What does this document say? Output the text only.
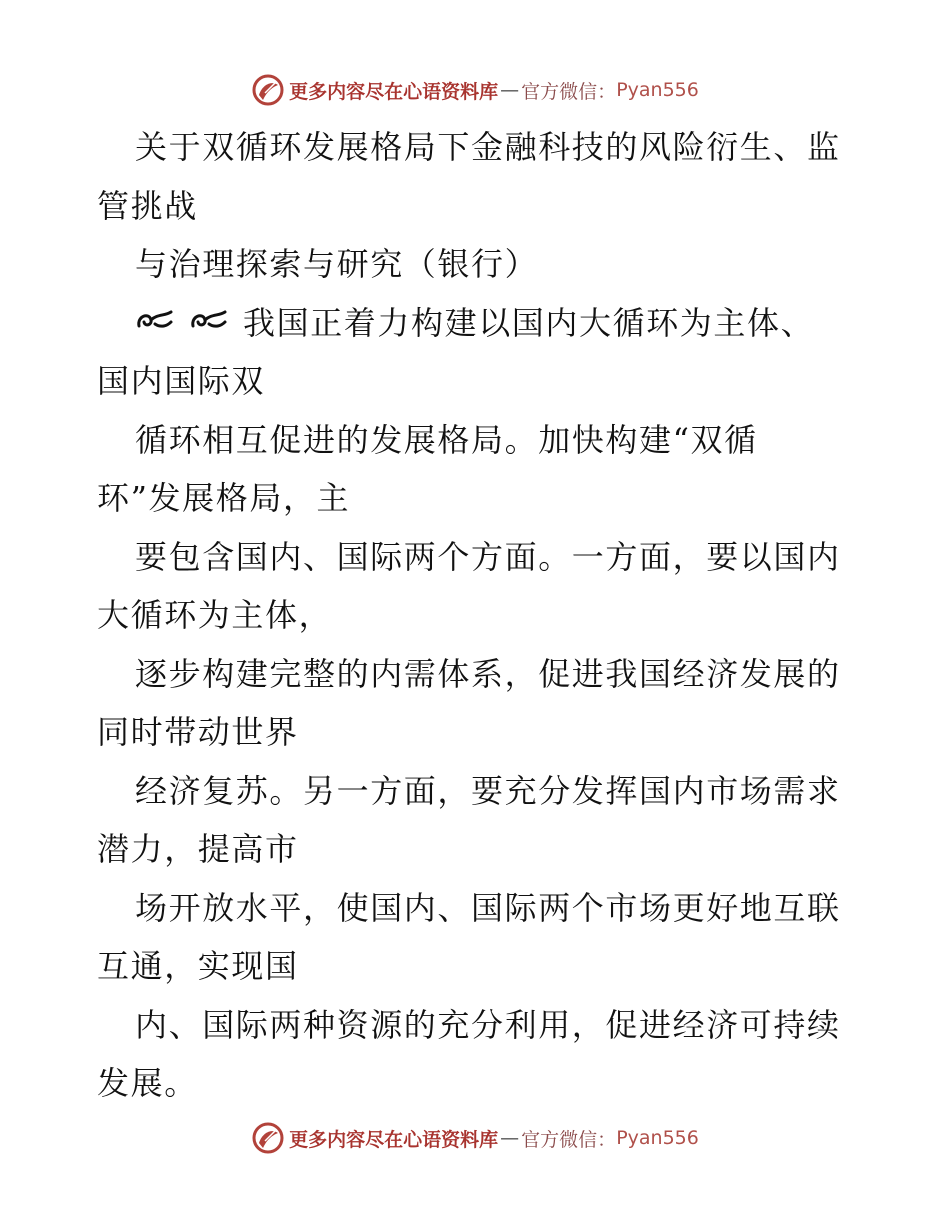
更多内容尽在心语资料库 — 官方微信： Pyan556
关于双循环发展格局下金融科技的风险衍生、监
管挑战
与治理探索与研究（银行）
我国正着力构建以国内大循环为主体、
国内国际双
循环相互促进的发展格局。加快构建“双循
环”发展格局，主
要包含国内、国际两个方面。一方面，要以国内
大循环为主体，
逐步构建完整的内需体系，促进我国经济发展的
同时带动世界
经济复苏。另一方面，要充分发挥国内市场需求
潜力，提高市
场开放水平，使国内、国际两个市场更好地互联
互通，实现国
内、国际两种资源的充分利用，促进经济可持续
发展。
更多内容尽在心语资料库 — 官方微信： Pyan556
